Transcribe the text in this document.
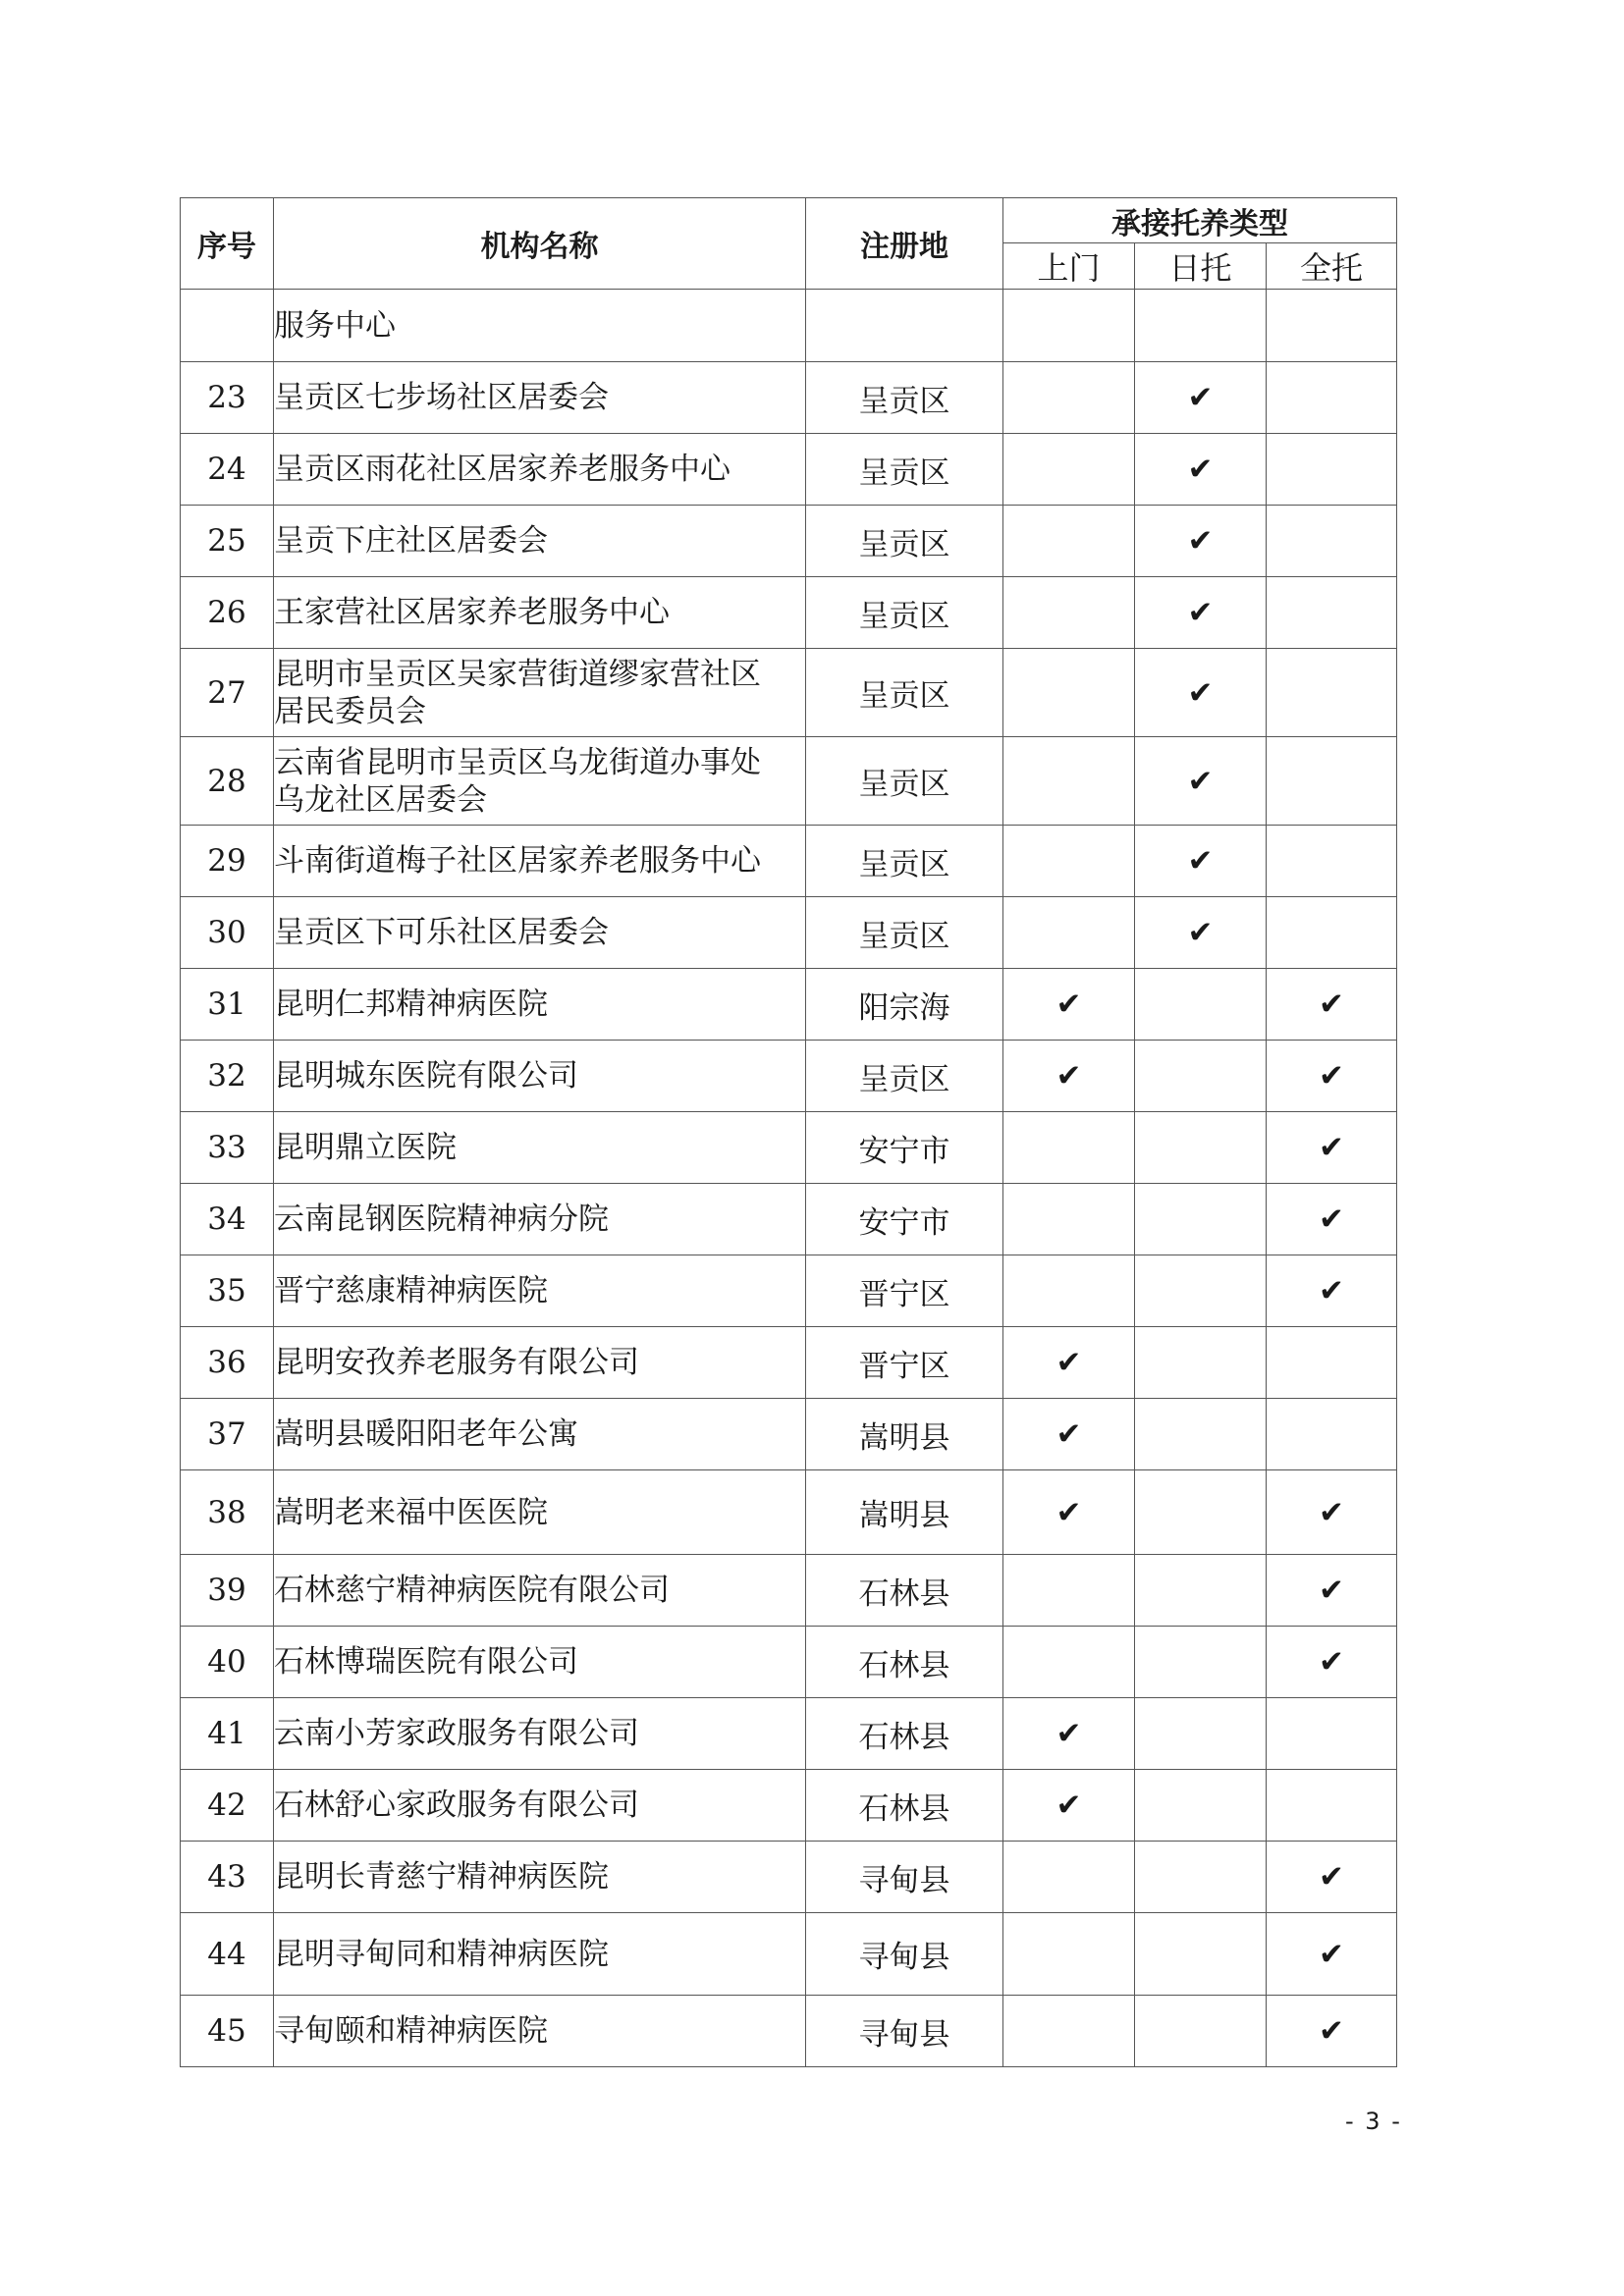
序号	机构名称	注册地	承接托养类型		
			上门	日托	全托
	服务中心				
23	呈贡区七步场社区居委会	呈贡区		✔	
24	呈贡区雨花社区居家养老服务中心	呈贡区		✔	
25	呈贡下庄社区居委会	呈贡区		✔	
26	王家营社区居家养老服务中心	呈贡区		✔	
27	昆明市呈贡区吴家营街道缪家营社区
居民委员会	呈贡区		✔	
28	云南省昆明市呈贡区乌龙街道办事处
乌龙社区居委会	呈贡区		✔	
29	斗南街道梅子社区居家养老服务中心	呈贡区		✔	
30	呈贡区下可乐社区居委会	呈贡区		✔	
31	昆明仁邦精神病医院	阳宗海	✔		✔
32	昆明城东医院有限公司	呈贡区	✔		✔
33	昆明鼎立医院	安宁市			✔
34	云南昆钢医院精神病分院	安宁市			✔
35	晋宁慈康精神病医院	晋宁区			✔
36	昆明安孜养老服务有限公司	晋宁区	✔		
37	嵩明县暖阳阳老年公寓	嵩明县	✔		
38	嵩明老来福中医医院	嵩明县	✔		✔
39	石林慈宁精神病医院有限公司	石林县			✔
40	石林博瑞医院有限公司	石林县			✔
41	云南小芳家政服务有限公司	石林县	✔		
42	石林舒心家政服务有限公司	石林县	✔		
43	昆明长青慈宁精神病医院	寻甸县			✔
44	昆明寻甸同和精神病医院	寻甸县			✔
45	寻甸颐和精神病医院	寻甸县			✔
- 3 -
